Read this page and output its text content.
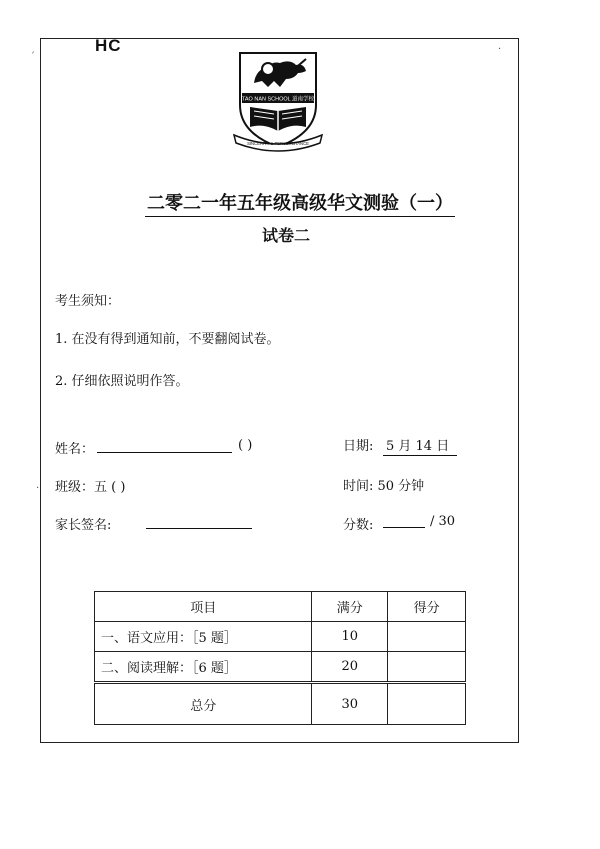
HC
ˊ
·
·
TAO NAN SCHOOL 道南学校
SINCERITY & PERSEVERANCE
二零二一年五年级高级华文测验（一）
试卷二
考生须知：
1. 在没有得到通知前，不要翻阅试卷。
2. 仔细依照说明作答。
姓名：	( )
班级：五 ( )
家长签名:
日期: 5 月 14 日
时间: 50 分钟
分数:	/ 30
项目	满分	得分
一、语文应用：［5 题］	10	
二、阅读理解：［6 题］	20	
总分	30	
